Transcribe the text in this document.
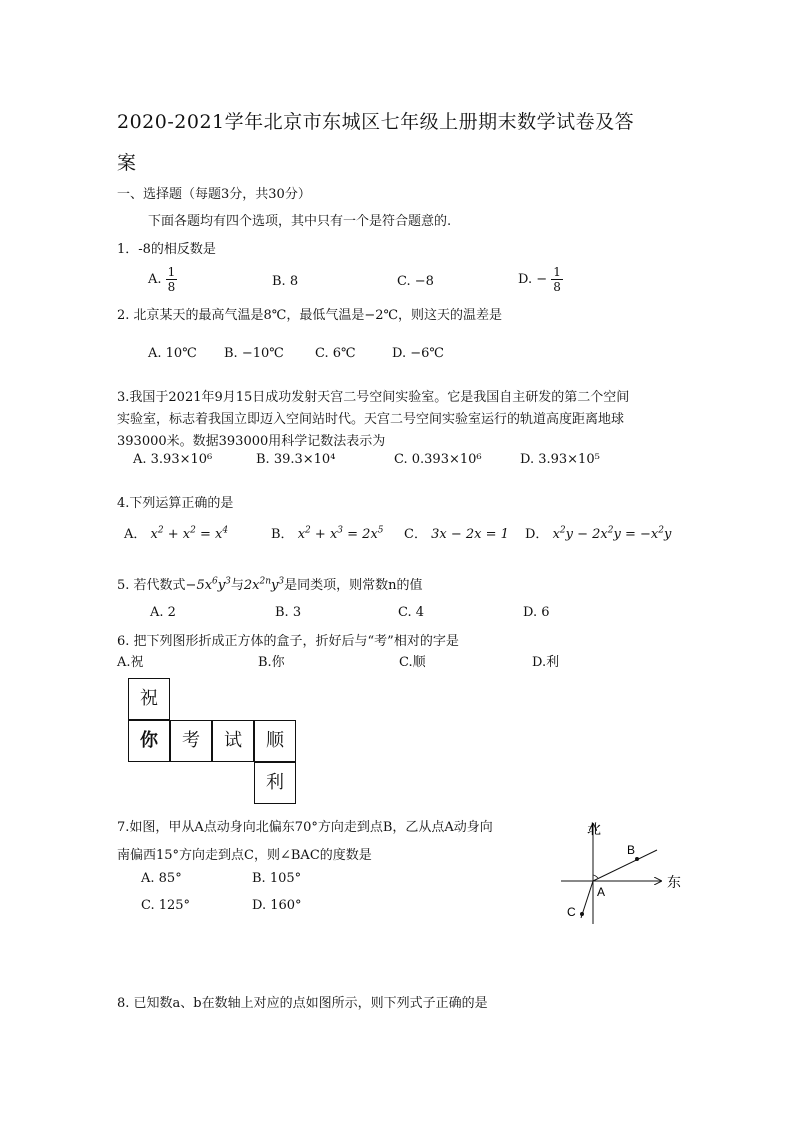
2020-2021学年北京市东城区七年级上册期末数学试卷及答
案
一、选择题（每题3分，共30分）
下面各题均有四个选项，其中只有一个是符合题意的.
1．-8的相反数是
A. $\frac{1}{8}$	B. 8	C. −8	D. − $\frac{1}{8}$
2. 北京某天的最高气温是8℃，最低气温是−2℃，则这天的温差是
A. 10℃ B. −10℃ C. 6℃	D. −6℃
3.我国于2021年9月15日成功发射天宫二号空间实验室。它是我国自主研发的第二个空间
实验室，标志着我国立即迈入空间站时代。天宫二号空间实验室运行的轨道高度距离地球
393000米。数据393000用科学记数法表示为
A. 3.93×10⁶	B. 39.3×10⁴	C. 0.393×10⁶	D. 3.93×10⁵
4.下列运算正确的是
A． $x^2 + x^2 = x^4$	B． $x^2 + x^3 = 2x^5$ C． 3x − 2x = 1 D． $x^2y - 2x^2y = -x^2y$
5. 若代数式$-5x^6y^3$与$2x^{2n}y^3$是同类项，则常数n的值
A. 2	B. 3	C. 4	D. 6
6. 把下列图形折成正方体的盒子，折好后与“考”相对的字是
A.祝	B.你	C.顺	D.利
祝
你	考	试	顺
利
7.如图，甲从A点动身向北偏东70°方向走到点B，乙从点A动身向
南偏西15°方向走到点C，则∠BAC的度数是
A. 85°	B. 105°
C. 125°	D. 160°
北
东
B
A
C
8. 已知数a、b在数轴上对应的点如图所示，则下列式子正确的是
